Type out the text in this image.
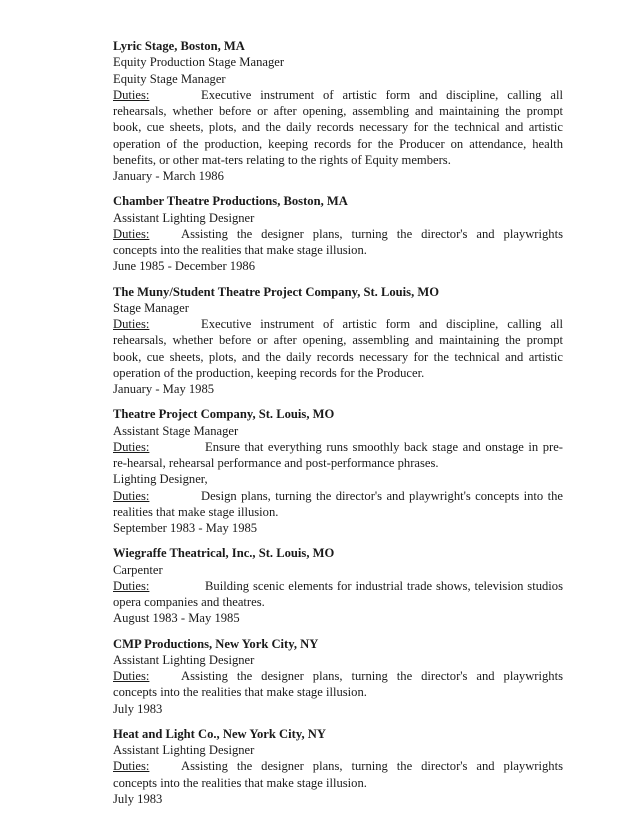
Lyric Stage, Boston, MA
Equity Production Stage Manager
Equity Stage Manager
Duties:	Executive instrument of artistic form and discipline, calling all rehearsals, whether before or after opening, assembling and maintaining the prompt book, cue sheets, plots, and the daily records necessary for the technical and artistic operation of the production, keeping records for the Producer on attendance, health benefits, or other mat-ters relating to the rights of Equity members.
January - March 1986
Chamber Theatre Productions, Boston, MA
Assistant Lighting Designer
Duties:	Assisting the designer plans, turning the director's and playwrights concepts into the realities that make stage illusion.
June 1985 - December 1986
The Muny/Student Theatre Project Company, St. Louis, MO
Stage Manager
Duties:	Executive instrument of artistic form and discipline, calling all rehearsals, whether before or after opening, assembling and maintaining the prompt book, cue sheets, plots, and the daily records necessary for the technical and artistic operation of the production, keeping records for the Producer.
January - May 1985
Theatre Project Company, St. Louis, MO
Assistant Stage Manager
Duties:	Ensure that everything runs smoothly back stage and onstage in pre-re-hearsal, rehearsal performance and post-performance phrases.
Lighting Designer,
Duties:	Design plans, turning the director's and playwright's concepts into the realities that make stage illusion.
September 1983 - May 1985
Wiegraffe Theatrical, Inc., St. Louis, MO
Carpenter
Duties:	Building scenic elements for industrial trade shows, television studios opera companies and theatres.
August 1983 - May 1985
CMP Productions, New York City, NY
Assistant Lighting Designer
Duties:	Assisting the designer plans, turning the director's and playwrights concepts into the realities that make stage illusion.
July 1983
Heat and Light Co., New York City, NY
Assistant Lighting Designer
Duties:	Assisting the designer plans, turning the director's and playwrights concepts into the realities that make stage illusion.
July 1983
